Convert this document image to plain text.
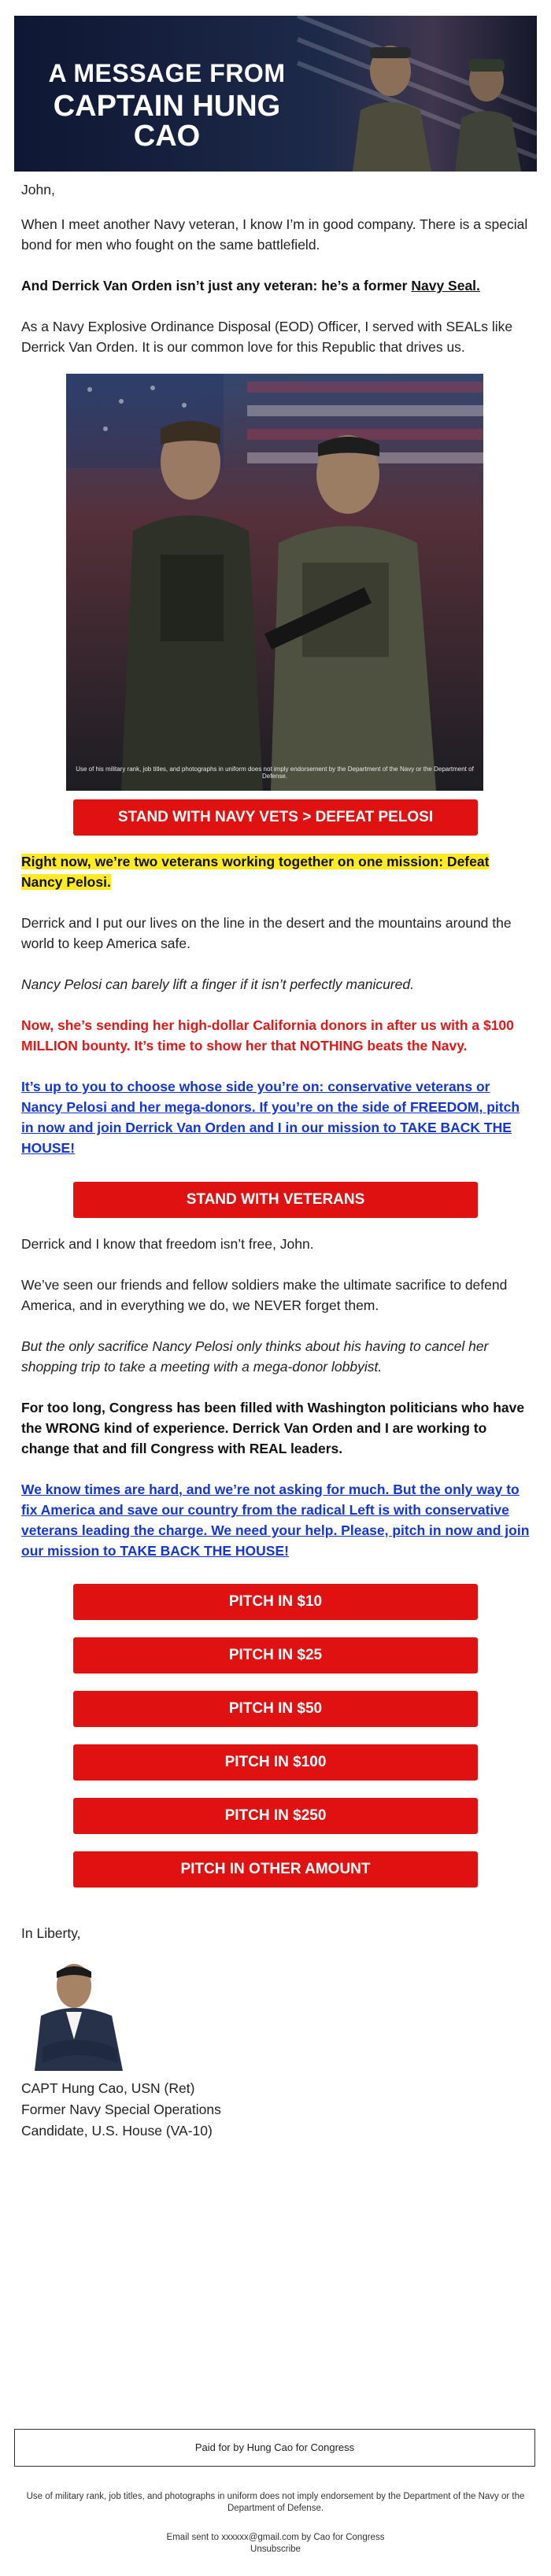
A MESSAGE FROM
CAPTAIN HUNG CAO
John,
When I meet another Navy veteran, I know I’m in good company. There is a special bond for men who fought on the same battlefield.
And Derrick Van Orden isn’t just any veteran: he’s a former Navy Seal.
As a Navy Explosive Ordinance Disposal (EOD) Officer, I served with SEALs like Derrick Van Orden. It is our common love for this Republic that drives us.
Use of his military rank, job titles, and photographs in uniform does not imply endorsement by the Department of the Navy or the Department of Defense.
STAND WITH NAVY VETS > DEFEAT PELOSI
Right now, we’re two veterans working together on one mission: Defeat Nancy Pelosi.
Derrick and I put our lives on the line in the desert and the mountains around the world to keep America safe.
Nancy Pelosi can barely lift a finger if it isn’t perfectly manicured.
Now, she’s sending her high-dollar California donors in after us with a $100 MILLION bounty. It’s time to show her that NOTHING beats the Navy.
It’s up to you to choose whose side you’re on: conservative veterans or Nancy Pelosi and her mega-donors. If you’re on the side of FREEDOM, pitch in now and join Derrick Van Orden and I in our mission to TAKE BACK THE HOUSE!
STAND WITH VETERANS
Derrick and I know that freedom isn’t free, John.
We’ve seen our friends and fellow soldiers make the ultimate sacrifice to defend America, and in everything we do, we NEVER forget them.
But the only sacrifice Nancy Pelosi only thinks about his having to cancel her shopping trip to take a meeting with a mega-donor lobbyist.
For too long, Congress has been filled with Washington politicians who have the WRONG kind of experience. Derrick Van Orden and I are working to change that and fill Congress with REAL leaders.
We know times are hard, and we’re not asking for much. But the only way to fix America and save our country from the radical Left is with conservative veterans leading the charge. We need your help. Please, pitch in now and join our mission to TAKE BACK THE HOUSE!
PITCH IN $10
PITCH IN $25
PITCH IN $50
PITCH IN $100
PITCH IN $250
PITCH IN OTHER AMOUNT
In Liberty,
CAPT Hung Cao, USN (Ret)
Former Navy Special Operations
Candidate, U.S. House (VA-10)
Paid for by Hung Cao for Congress
Use of military rank, job titles, and photographs in uniform does not imply endorsement by the Department of the Navy or the Department of Defense.
Email sent to xxxxxx@gmail.com by Cao for Congress
Unsubscribe
